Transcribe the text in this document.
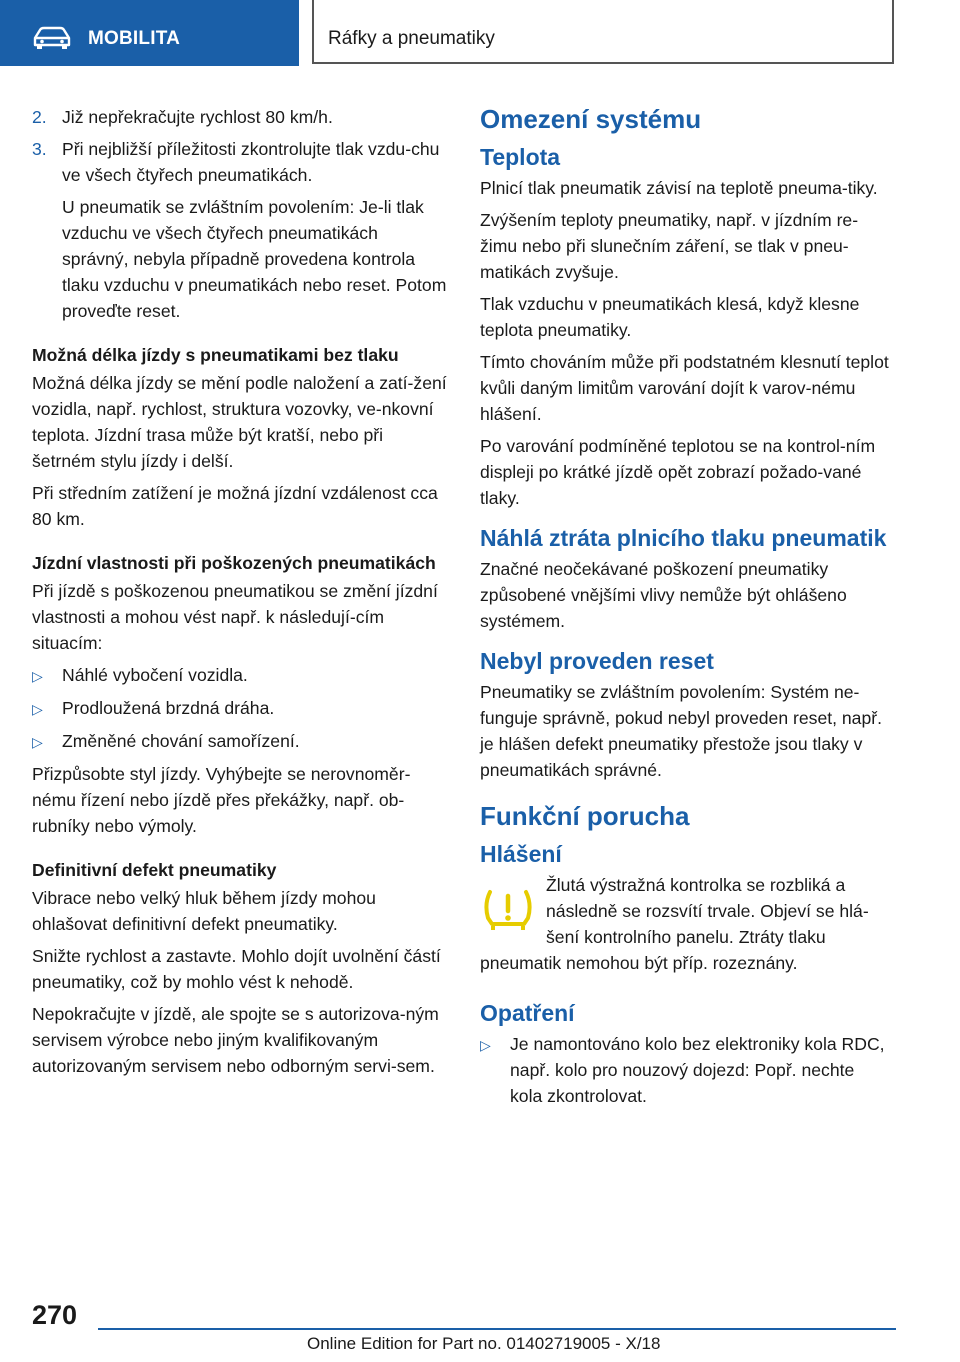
MOBILITA	Ráfky a pneumatiky
2. Již nepřekračujte rychlost 80 km/h.
3. Při nejbližší příležitosti zkontrolujte tlak vzdu‐chu ve všech čtyřech pneumatikách.

U pneumatik se zvláštním povolením: Je-li tlak vzduchu ve všech čtyřech pneumatikách správný, nebyla případně provedena kontrola tlaku vzduchu v pneumatikách nebo reset. Potom proveďte reset.

Možná délka jízdy s pneumatikami bez tlaku

Možná délka jízdy se mění podle naložení a zatí‐žení vozidla, např. rychlost, struktura vozovky, ve‐nkovní teplota. Jízdní trasa může být kratší, nebo při šetrném stylu jízdy i delší.

Při středním zatížení je možná jízdní vzdálenost cca 80 km.

Jízdní vlastnosti při poškozených pneumatikách

Při jízdě s poškozenou pneumatikou se změní jízdní vlastnosti a mohou vést např. k následují‐cím situacím:

▷	Náhlé vybočení vozidla.
▷	Prodloužená brzdná dráha.
▷	Změněné chování samořízení.

Přizpůsobte styl jízdy. Vyhýbejte se nerovnoměr‐nému řízení nebo jízdě přes překážky, např. ob‐rubníky nebo výmoly.

Definitivní defekt pneumatiky

Vibrace nebo velký hluk během jízdy mohou ohlašovat definitivní defekt pneumatiky.

Snižte rychlost a zastavte. Mohlo dojít uvolnění částí pneumatiky, což by mohlo vést k nehodě.

Nepokračujte v jízdě, ale spojte se s autorizova‐ným servisem výrobce nebo jiným kvalifikovaným autorizovaným servisem nebo odborným servi‐sem.

Omezení systému
Teplota

Plnicí tlak pneumatik závisí na teplotě pneuma‐tiky.

Zvýšením teploty pneumatiky, např. v jízdním re‐žimu nebo při slunečním záření, se tlak v pneu‐matikách zvyšuje.

Tlak vzduchu v pneumatikách klesá, když klesne teplota pneumatiky.

Tímto chováním může při podstatném klesnutí teplot kvůli daným limitům varování dojít k varov‐nému hlášení.

Po varování podmíněné teplotou se na kontrol‐ním displeji po krátké jízdě opět zobrazí požado‐vané tlaky.

Náhlá ztráta plnicího tlaku pneumatik

Značné neočekávané poškození pneumatiky způsobené vnějšími vlivy nemůže být ohlášeno systémem.

Nebyl proveden reset

Pneumatiky se zvláštním povolením: Systém ne‐funguje správně, pokud nebyl proveden reset, např. je hlášen defekt pneumatiky přestože jsou tlaky v pneumatikách správné.

Funkční porucha
Hlášení

Žlutá výstražná kontrolka se rozbliká a následně se rozsvítí trvale. Objeví se hlá‐šení kontrolního panelu. Ztráty tlaku

pneumatik nemohou být příp. rozeznány.

Opatření
▷	Je namontováno kolo bez elektroniky kola RDC, např. kolo pro nouzový dojezd: Popř. nechte kola zkontrolovat.
270
Online Edition for Part no. 01402719005 - X/18
